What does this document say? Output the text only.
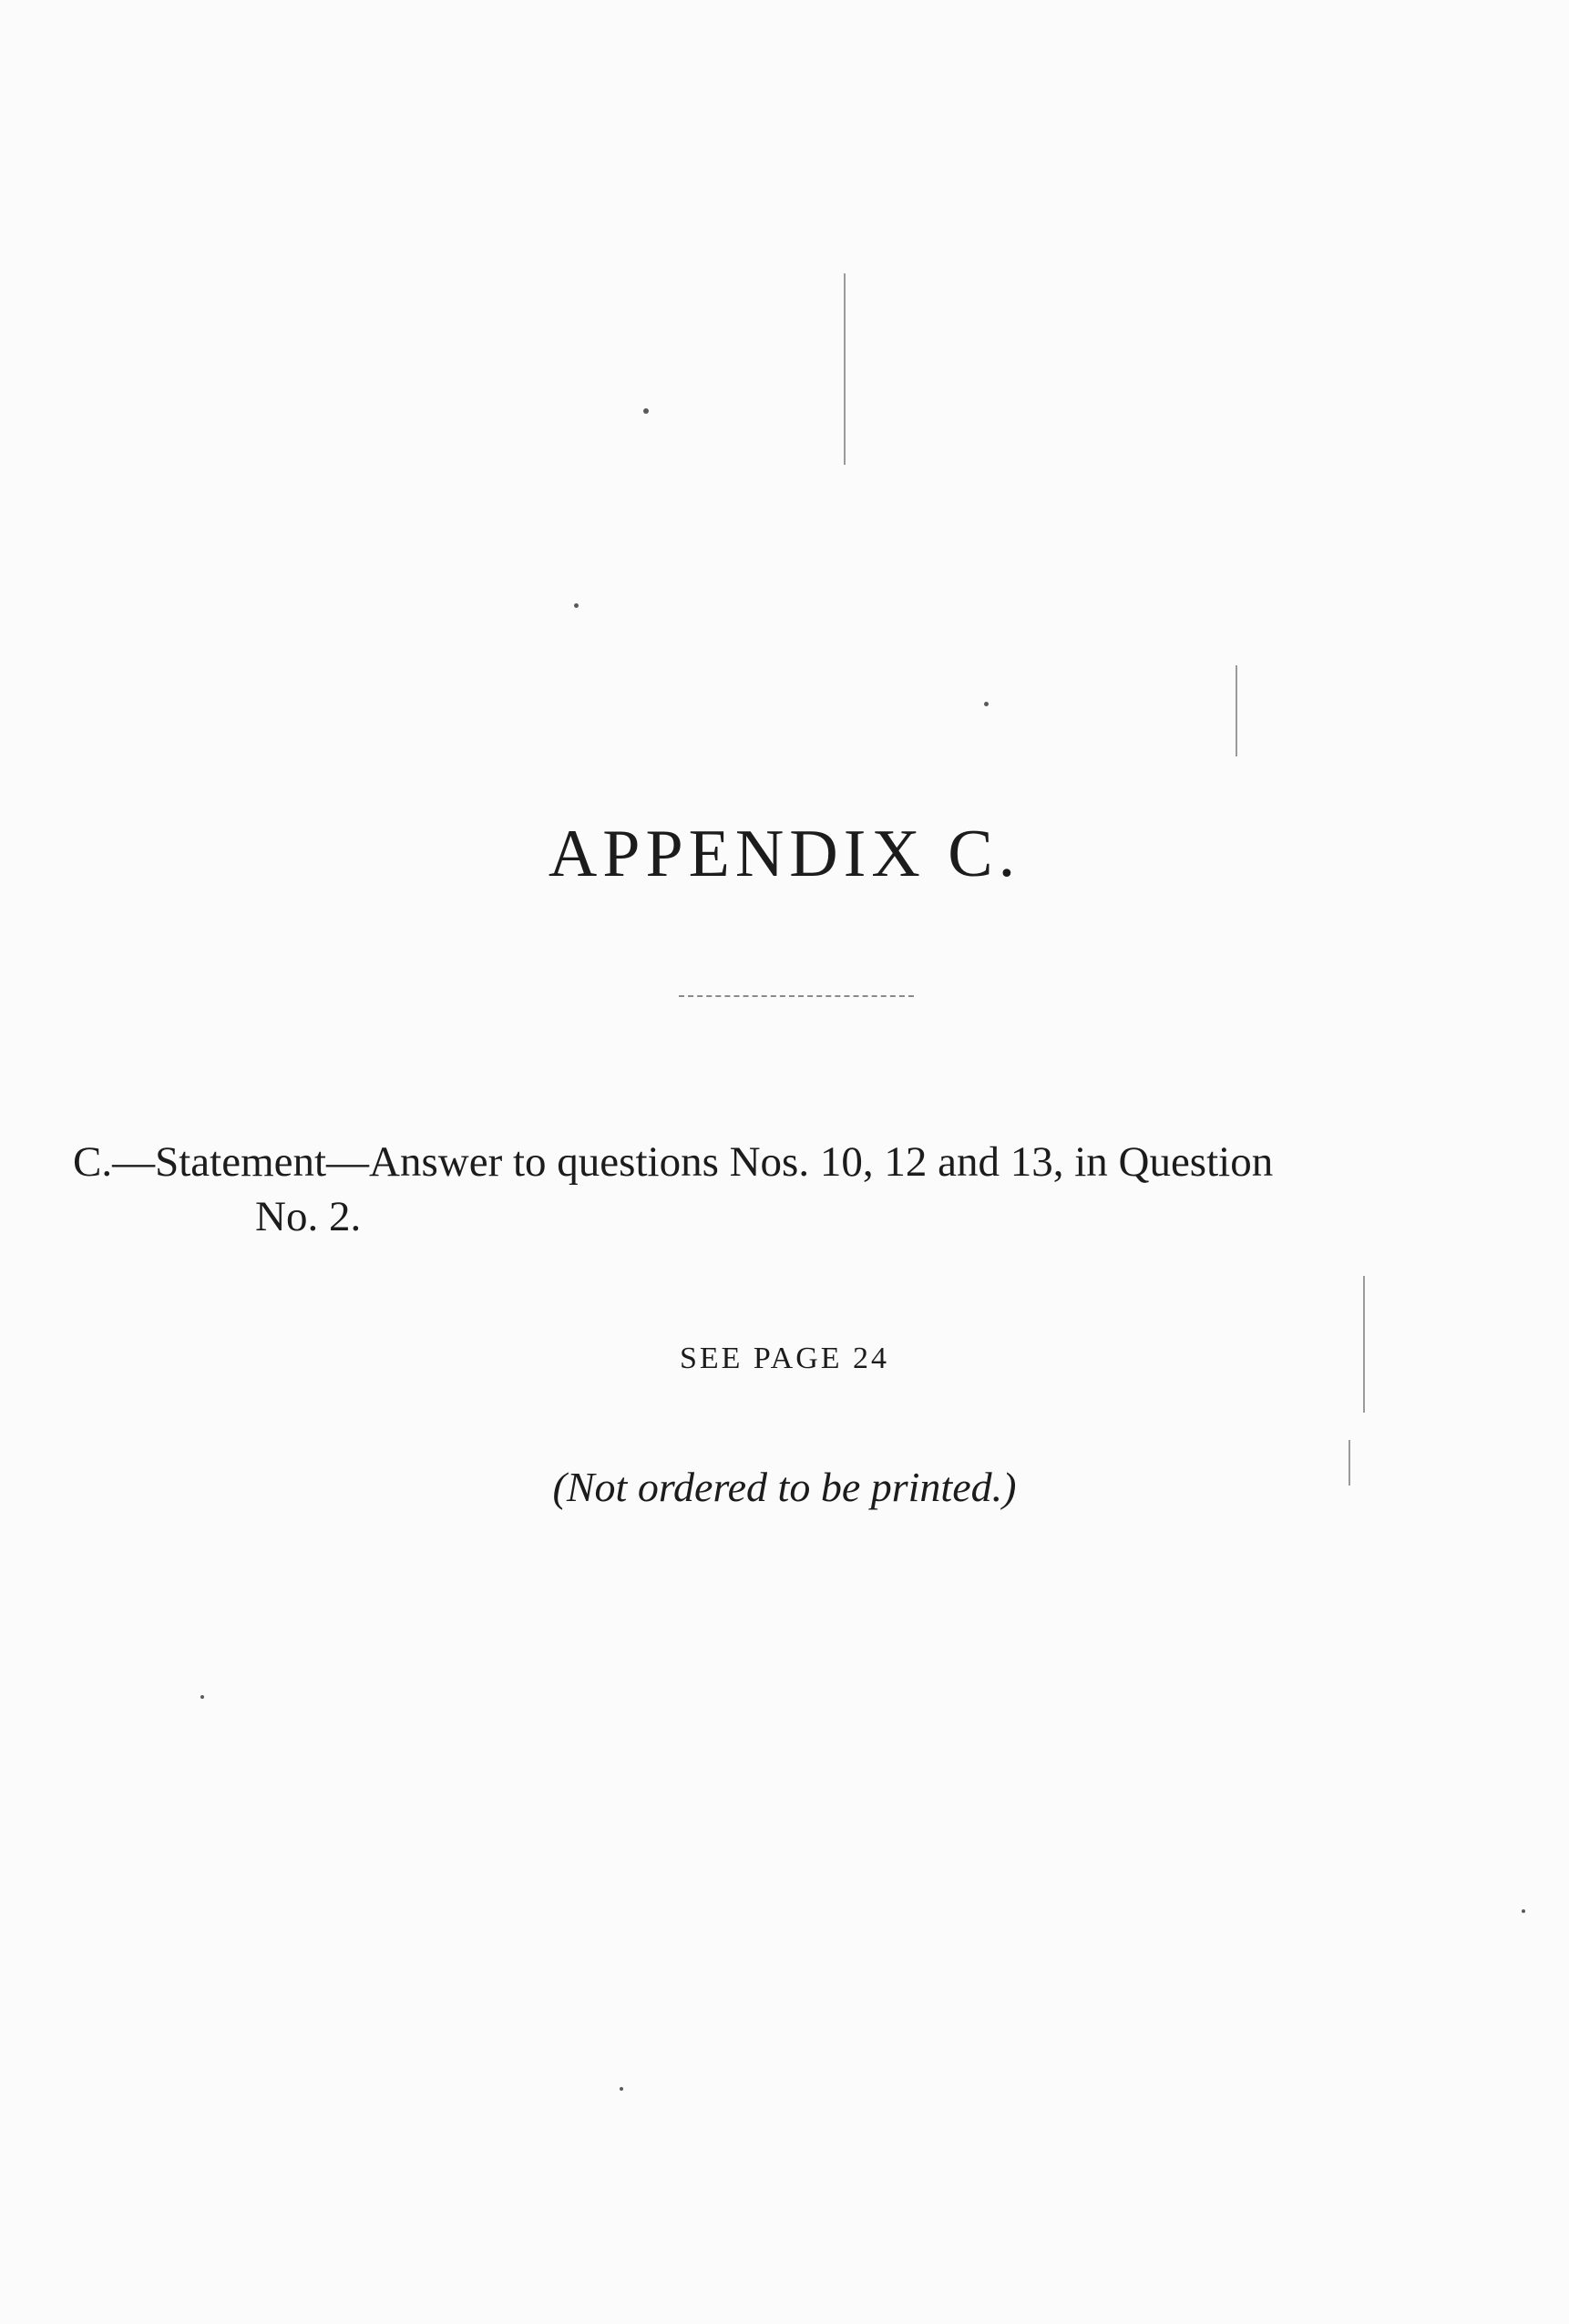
APPENDIX C.

C.—Statement—Answer to questions Nos. 10, 12 and 13, in Question
No. 2.

SEE PAGE 24

(Not ordered to be printed.)
